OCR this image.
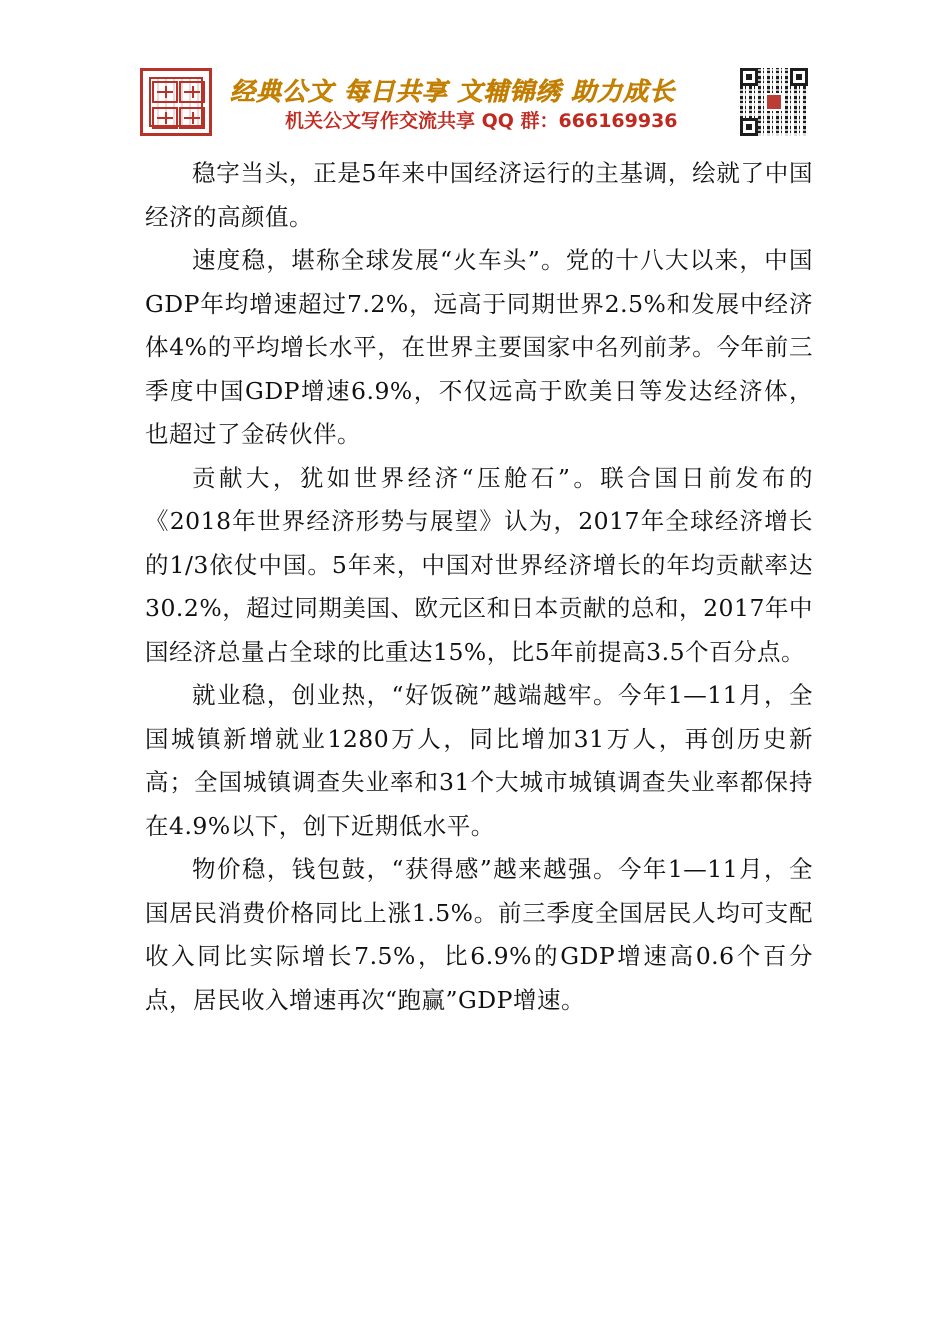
经典公文 每日共享 文辅锦绣 助力成长
机关公文写作交流共享 QQ 群：666169936

稳字当头，正是5年来中国经济运行的主基调，绘就了中国经济的高颜值。

速度稳，堪称全球发展“火车头”。党的十八大以来，中国GDP年均增速超过7.2%，远高于同期世界2.5%和发展中经济体4%的平均增长水平，在世界主要国家中名列前茅。今年前三季度中国GDP增速6.9%，不仅远高于欧美日等发达经济体，也超过了金砖伙伴。

贡献大，犹如世界经济“压舱石”。联合国日前发布的《2018年世界经济形势与展望》认为，2017年全球经济增长的1/3依仗中国。5年来，中国对世界经济增长的年均贡献率达30.2%，超过同期美国、欧元区和日本贡献的总和，2017年中国经济总量占全球的比重达15%，比5年前提高3.5个百分点。

就业稳，创业热，“好饭碗”越端越牢。今年1—11月，全国城镇新增就业1280万人，同比增加31万人，再创历史新高；全国城镇调查失业率和31个大城市城镇调查失业率都保持在4.9%以下，创下近期低水平。

物价稳，钱包鼓，“获得感”越来越强。今年1—11月，全国居民消费价格同比上涨1.5%。前三季度全国居民人均可支配收入同比实际增长7.5%，比6.9%的GDP增速高0.6个百分点，居民收入增速再次“跑赢”GDP增速。
